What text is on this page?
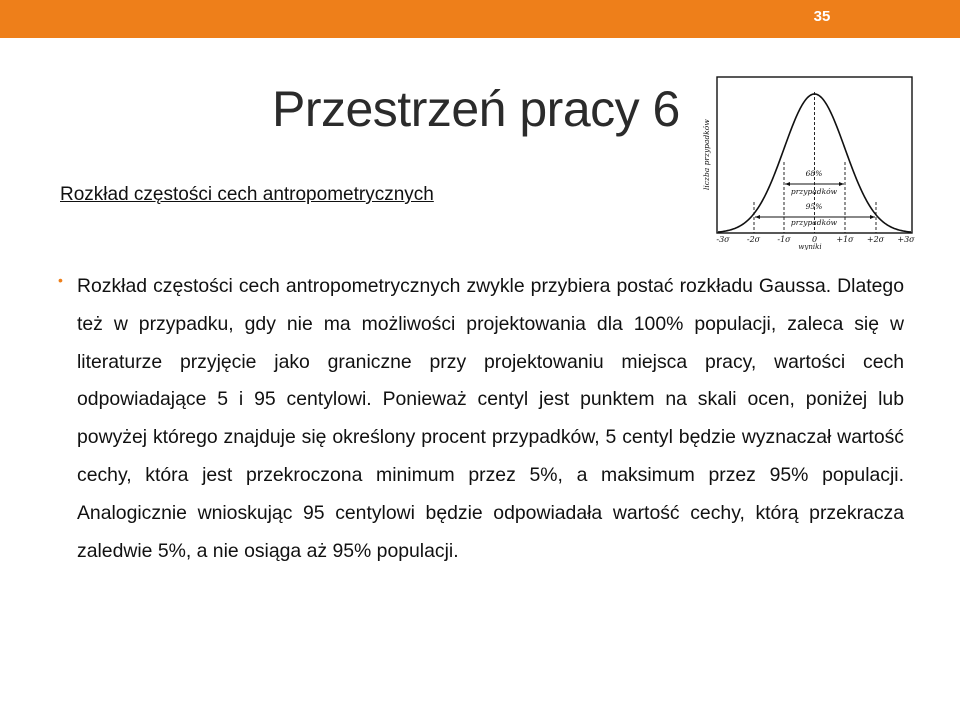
35
Przestrzeń pracy 6
Rozkład częstości cech antropometrycznych
liczba przypadków	68%
przypadków
95%
przypadków
-3σ -2σ -1σ	0 +1σ +2σ +3σ
wyniki
• Rozkład częstości cech antropometrycznych zwykle przybiera postać rozkładu Gaussa. Dlatego też w przypadku, gdy nie ma możliwości projektowania dla 100% populacji, zaleca się w literaturze przyjęcie jako graniczne przy projektowaniu miejsca pracy, wartości cech odpowiadające 5 i 95 centylowi. Ponieważ centyl jest punktem na skali ocen, poniżej lub powyżej którego znajduje się określony procent przypadków, 5 centyl będzie wyznaczał wartość cechy, która jest przekroczona minimum przez 5%, a maksimum przez 95% populacji. Analogicznie wnioskując 95 centylowi będzie odpowiadała wartość cechy, którą przekracza zaledwie 5%, a nie osiąga aż 95% populacji.
